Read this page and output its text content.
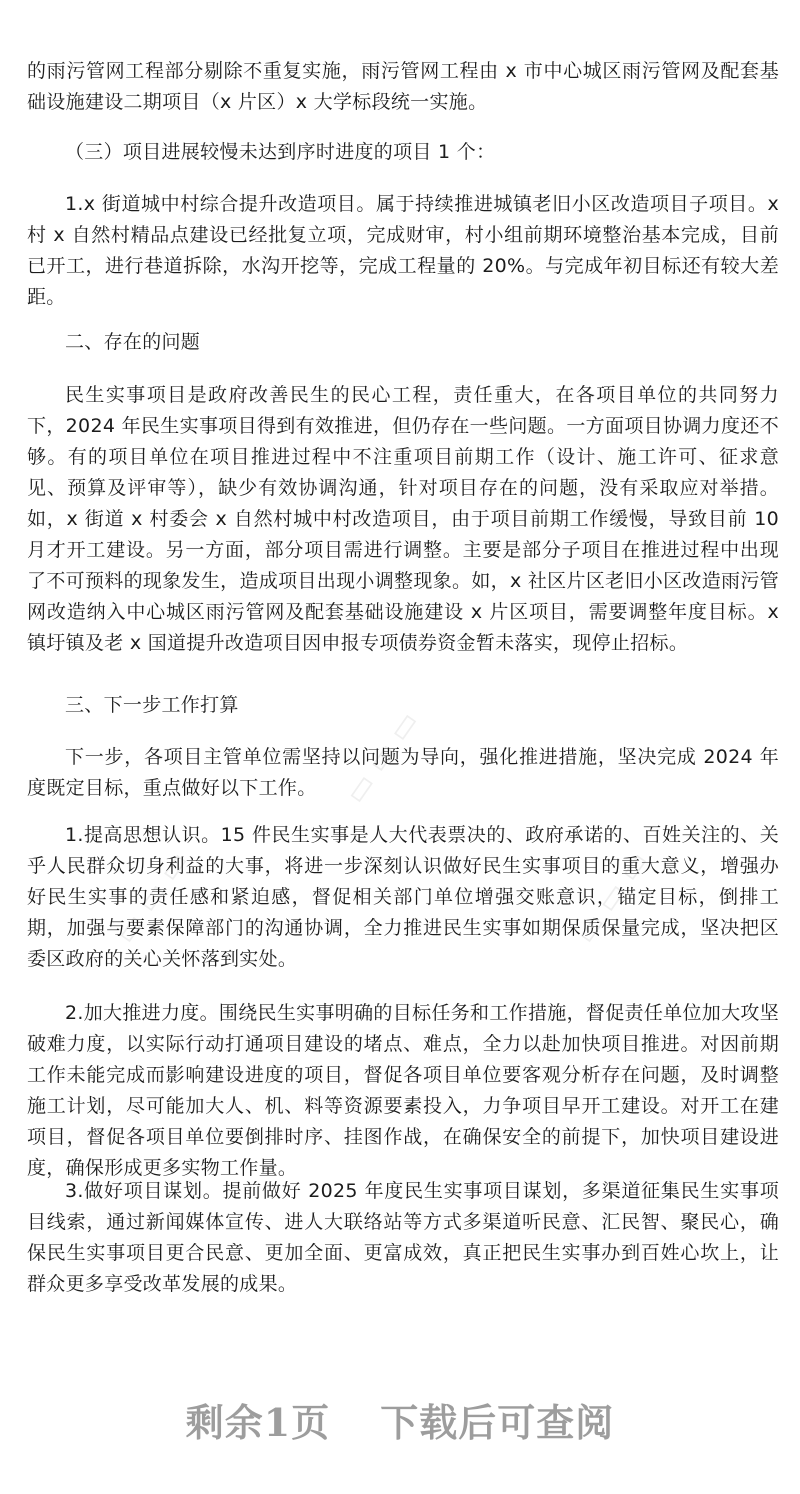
▭ ▭ ▭
▭ ▭ ▭
▭ ▭ ▭

的雨污管网工程部分剔除不重复实施，雨污管网工程由 x 市中心城区雨污管网及配套基础设施建设二期项目（x 片区）x 大学标段统一实施。

（三）项目进展较慢未达到序时进度的项目 1 个：

1.x 街道城中村综合提升改造项目。属于持续推进城镇老旧小区改造项目子项目。x 村 x 自然村精品点建设已经批复立项，完成财审，村小组前期环境整治基本完成，目前已开工，进行巷道拆除，水沟开挖等，完成工程量的 20%。与完成年初目标还有较大差距。

二、存在的问题

民生实事项目是政府改善民生的民心工程，责任重大，在各项目单位的共同努力下，2024 年民生实事项目得到有效推进，但仍存在一些问题。一方面项目协调力度还不够。有的项目单位在项目推进过程中不注重项目前期工作（设计、施工许可、征求意见、预算及评审等），缺少有效协调沟通，针对项目存在的问题，没有采取应对举措。如，x 街道 x 村委会 x 自然村城中村改造项目，由于项目前期工作缓慢，导致目前 10 月才开工建设。另一方面，部分项目需进行调整。主要是部分子项目在推进过程中出现了不可预料的现象发生，造成项目出现小调整现象。如，x 社区片区老旧小区改造雨污管网改造纳入中心城区雨污管网及配套基础设施建设 x 片区项目，需要调整年度目标。x 镇圩镇及老 x 国道提升改造项目因申报专项债券资金暂未落实，现停止招标。

三、下一步工作打算

下一步，各项目主管单位需坚持以问题为导向，强化推进措施，坚决完成 2024 年度既定目标，重点做好以下工作。

1.提高思想认识。15 件民生实事是人大代表票决的、政府承诺的、百姓关注的、关乎人民群众切身利益的大事，将进一步深刻认识做好民生实事项目的重大意义，增强办好民生实事的责任感和紧迫感，督促相关部门单位增强交账意识，锚定目标，倒排工期，加强与要素保障部门的沟通协调，全力推进民生实事如期保质保量完成，坚决把区委区政府的关心关怀落到实处。

2.加大推进力度。围绕民生实事明确的目标任务和工作措施，督促责任单位加大攻坚破难力度，以实际行动打通项目建设的堵点、难点，全力以赴加快项目推进。对因前期工作未能完成而影响建设进度的项目，督促各项目单位要客观分析存在问题，及时调整施工计划，尽可能加大人、机、料等资源要素投入，力争项目早开工建设。对开工在建项目，督促各项目单位要倒排时序、挂图作战，在确保安全的前提下，加快项目建设进度，确保形成更多实物工作量。

3.做好项目谋划。提前做好 2025 年度民生实事项目谋划，多渠道征集民生实事项目线索，通过新闻媒体宣传、进人大联络站等方式多渠道听民意、汇民智、聚民心，确保民生实事项目更合民意、更加全面、更富成效，真正把民生实事办到百姓心坎上，让群众更多享受改革发展的成果。

剩余1页 下载后可查阅
